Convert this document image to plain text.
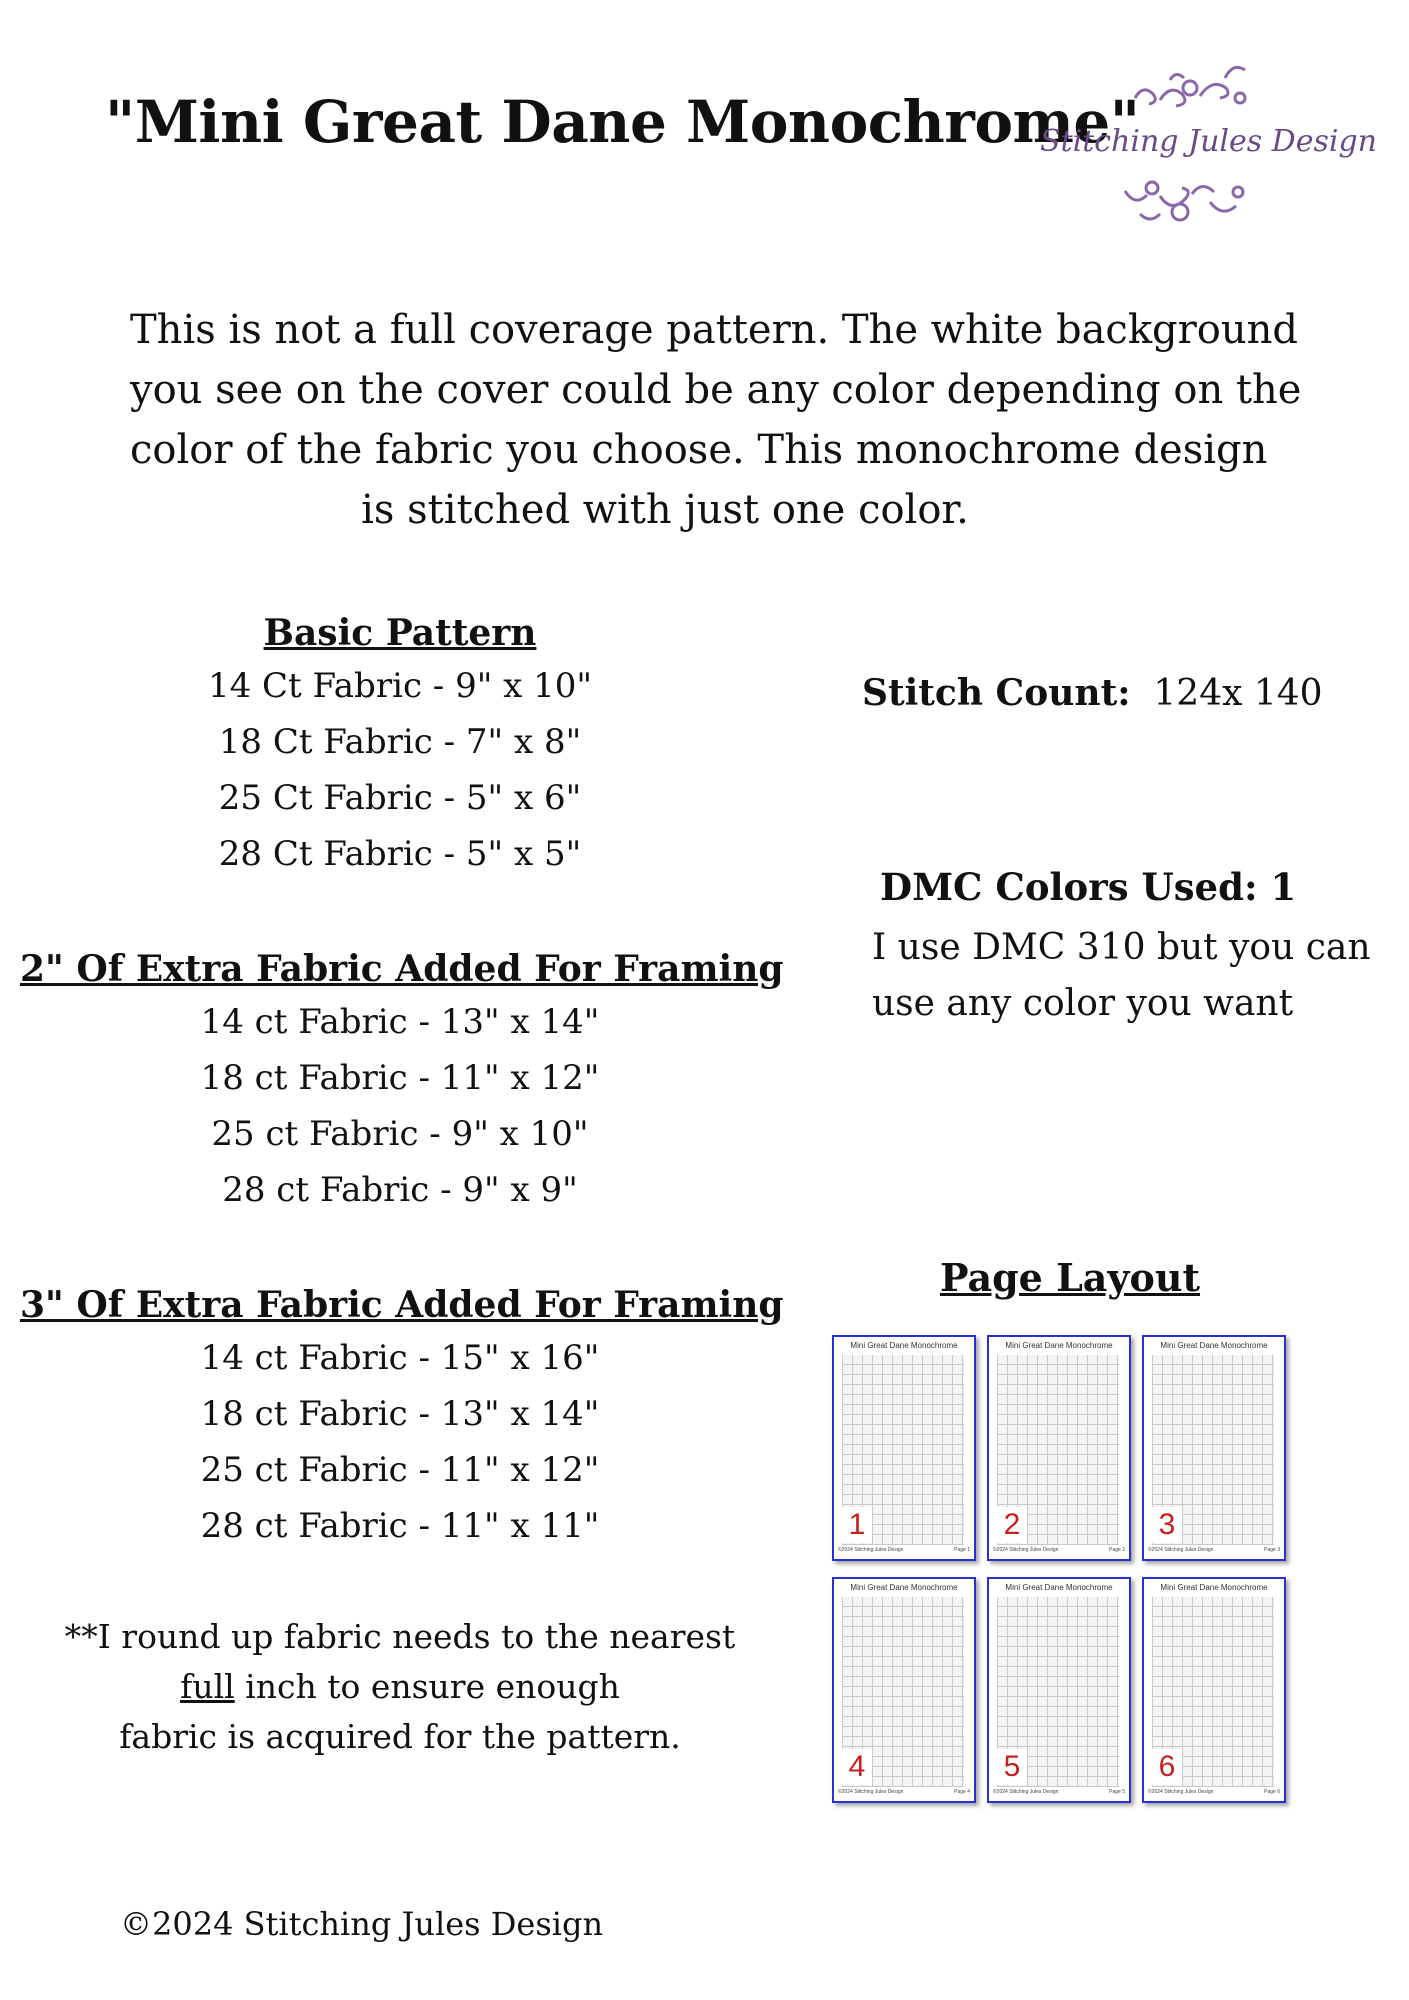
"Mini Great Dane Monochrome"
Stitching Jules Design
This is not a full coverage pattern. The white background
you see on the cover could be any color depending on the
color of the fabric you choose. This monochrome design
is stitched with just one color.
Basic Pattern
14 Ct Fabric - 9" x 10"
18 Ct Fabric - 7" x 8"
25 Ct Fabric - 5" x 6"
28 Ct Fabric - 5" x 5"
2" Of Extra Fabric Added For Framing
14 ct Fabric - 13" x 14"
18 ct Fabric - 11" x 12"
25 ct Fabric - 9" x 10"
28 ct Fabric - 9" x 9"
3" Of Extra Fabric Added For Framing
14 ct Fabric - 15" x 16"
18 ct Fabric - 13" x 14"
25 ct Fabric - 11" x 12"
28 ct Fabric - 11" x 11"
Stitch Count: 124x 140
DMC Colors Used: 1
I use DMC 310 but you can
use any color you want
Page Layout
Mini Great Dane Monochrome
1
©2024 Stitching Jules Design	Page 1
Mini Great Dane Monochrome
2
©2024 Stitching Jules Design	Page 2
Mini Great Dane Monochrome
3
©2024 Stitching Jules Design	Page 3
Mini Great Dane Monochrome
4
©2024 Stitching Jules Design	Page 4
Mini Great Dane Monochrome
5
©2024 Stitching Jules Design	Page 5
Mini Great Dane Monochrome
6
©2024 Stitching Jules Design	Page 6
**I round up fabric needs to the nearest
full inch to ensure enough
fabric is acquired for the pattern.
©2024 Stitching Jules Design
